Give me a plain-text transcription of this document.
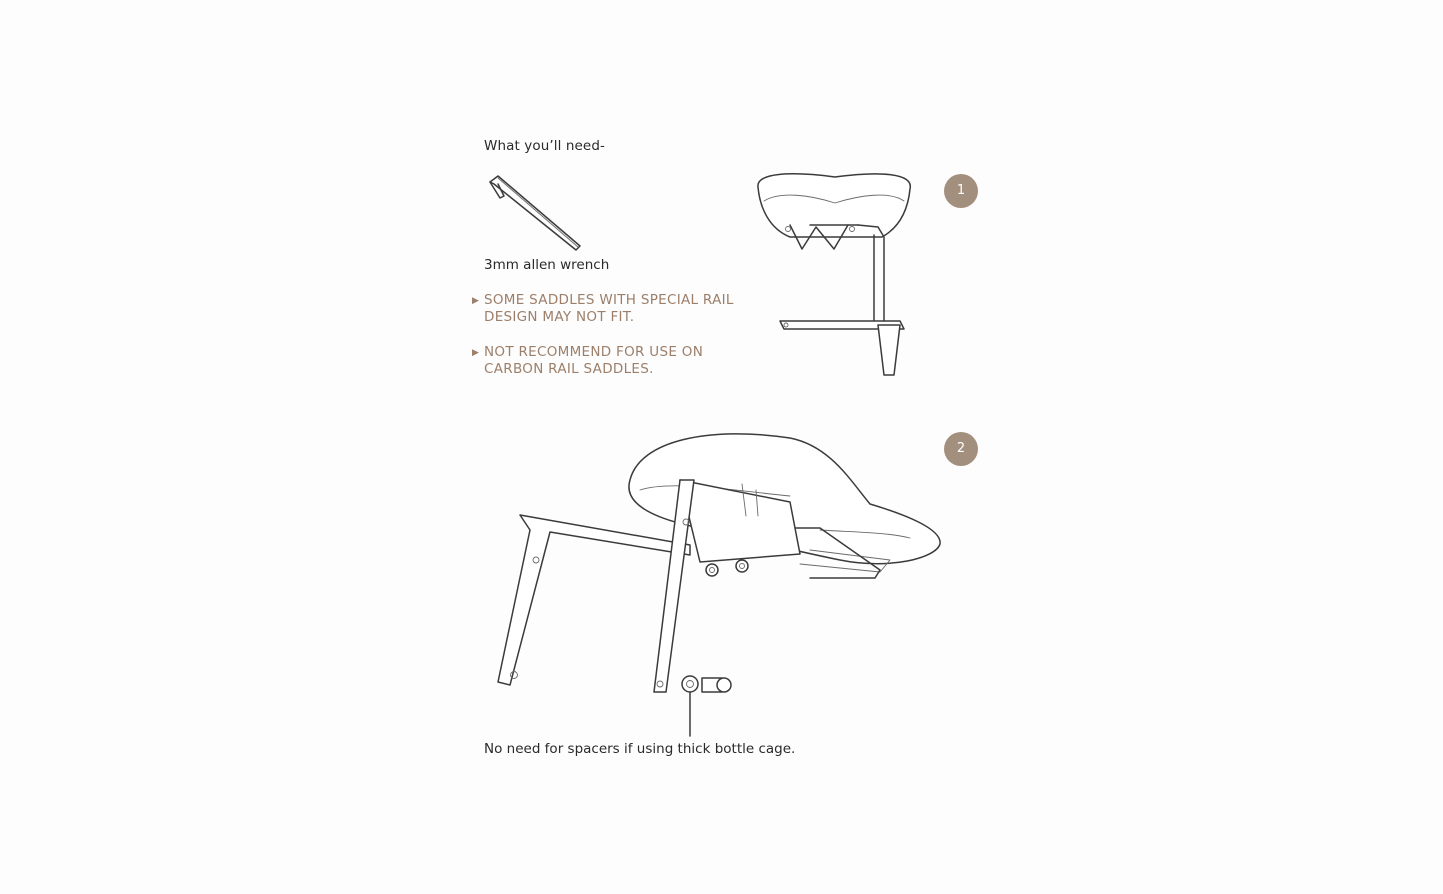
What you’ll need-
3mm allen wrench
▶ SOME SADDLES WITH SPECIAL RAIL DESIGN MAY NOT FIT.
▶ NOT RECOMMEND FOR USE ON CARBON RAIL SADDLES.
1
2
No need for spacers if using thick bottle cage.
